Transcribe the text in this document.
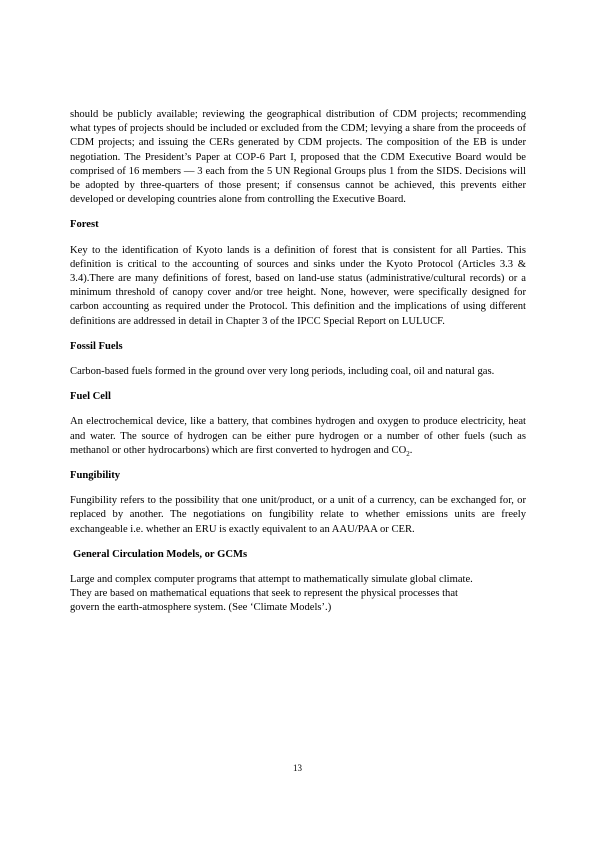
should be publicly available; reviewing the geographical distribution of CDM projects; recommending what types of projects should be included or excluded from the CDM; levying a share from the proceeds of CDM projects; and issuing the CERs generated by CDM projects. The composition of the EB is under negotiation. The President’s Paper at COP-6 Part I, proposed that the CDM Executive Board would be comprised of 16 members — 3 each from the 5 UN Regional Groups plus 1 from the SIDS. Decisions will be adopted by three-quarters of those present; if consensus cannot be achieved, this prevents either developed or developing countries alone from controlling the Executive Board.

Forest

Key to the identification of Kyoto lands is a definition of forest that is consistent for all Parties. This definition is critical to the accounting of sources and sinks under the Kyoto Protocol (Articles 3.3 & 3.4).There are many definitions of forest, based on land-use status (administrative/cultural records) or a minimum threshold of canopy cover and/or tree height. None, however, were specifically designed for carbon accounting as required under the Protocol. This definition and the implications of using different definitions are addressed in detail in Chapter 3 of the IPCC Special Report on LULUCF.

Fossil Fuels

Carbon-based fuels formed in the ground over very long periods, including coal, oil and natural gas.

Fuel Cell

An electrochemical device, like a battery, that combines hydrogen and oxygen to produce electricity, heat and water. The source of hydrogen can be either pure hydrogen or a number of other fuels (such as methanol or other hydrocarbons) which are first converted to hydrogen and $CO_2$.

Fungibility

Fungibility refers to the possibility that one unit/product, or a unit of a currency, can be exchanged for, or replaced by another. The negotiations on fungibility relate to whether emissions units are freely exchangeable i.e. whether an ERU is exactly equivalent to an AAU/PAA or CER.

General Circulation Models, or GCMs

Large and complex computer programs that attempt to mathematically simulate global climate.
They are based on mathematical equations that seek to represent the physical processes that
govern the earth-atmosphere system. (See ‘Climate Models’.)

13
